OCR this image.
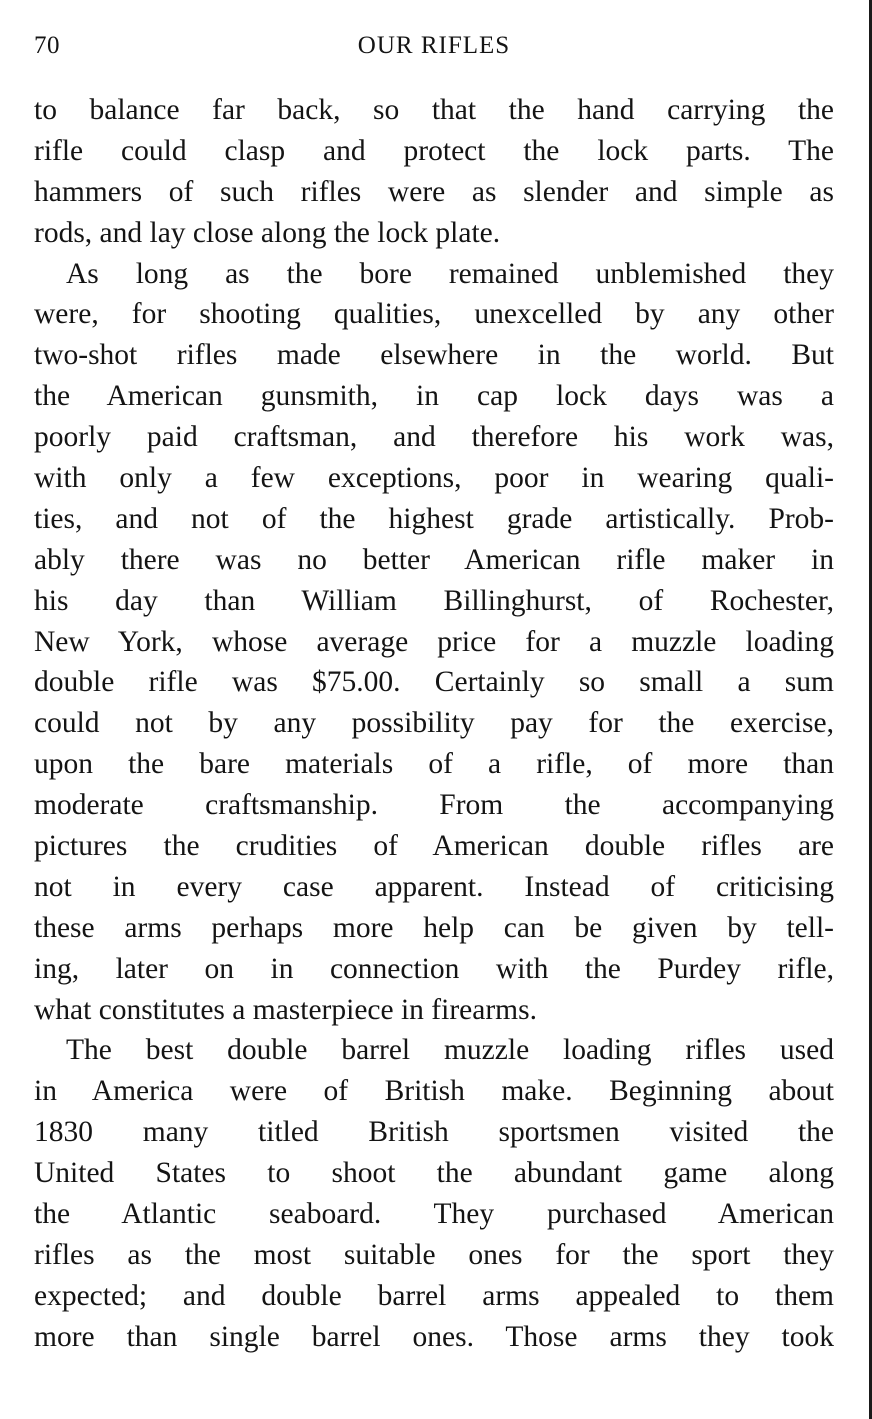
OUR RIFLES
70
to balance far back, so that the hand carrying the
rifle could clasp and protect the lock parts. The
hammers of such rifles were as slender and simple as
rods, and lay close along the lock plate.
As long as the bore remained unblemished they
were, for shooting qualities, unexcelled by any other
two-shot rifles made elsewhere in the world. But
the American gunsmith, in cap lock days was a
poorly paid craftsman, and therefore his work was,
with only a few exceptions, poor in wearing quali-
ties, and not of the highest grade artistically. Prob-
ably there was no better American rifle maker in
his day than William Billinghurst, of Rochester,
New York, whose average price for a muzzle loading
double rifle was $75.00. Certainly so small a sum
could not by any possibility pay for the exercise,
upon the bare materials of a rifle, of more than
moderate craftsmanship. From the accompanying
pictures the crudities of American double rifles are
not in every case apparent. Instead of criticising
these arms perhaps more help can be given by tell-
ing, later on in connection with the Purdey rifle,
what constitutes a masterpiece in firearms.
The best double barrel muzzle loading rifles used
in America were of British make. Beginning about
1830 many titled British sportsmen visited the
United States to shoot the abundant game along
the Atlantic seaboard. They purchased American
rifles as the most suitable ones for the sport they
expected; and double barrel arms appealed to them
more than single barrel ones. Those arms they took
